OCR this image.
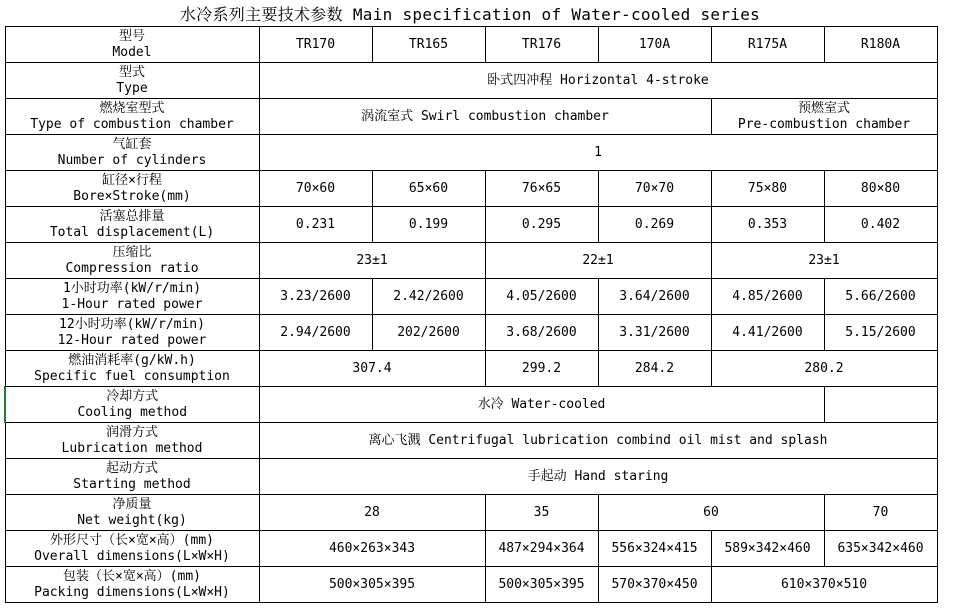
水冷系列主要技术参数 Main specification of Water-cooled series
型号
Model	TR170	TR165	TR176	170A	R175A	R180A

型式
Type	卧式四冲程 Horizontal 4-stroke					

燃烧室型式
Type of combustion chamber	涡流室式 Swirl combustion chamber				预燃室式
Pre-combustion chamber	

气缸套
Number of cylinders	1					

缸径×行程
Bore×Stroke(mm)	70×60	65×60	76×65	70×70	75×80	80×80

活塞总排量
Total displacement(L)	0.231	0.199	0.295	0.269	0.353	0.402

压缩比
Compression ratio	23±1		22±1		23±1	

1小时功率(kW/r/min)
1-Hour rated power	3.23/2600	2.42/2600	4.05/2600	3.64/2600	4.85/2600	5.66/2600

12小时功率(kW/r/min)
12-Hour rated power	2.94/2600	202/2600	3.68/2600	3.31/2600	4.41/2600	5.15/2600

燃油消耗率(g/kW.h)
Specific fuel consumption	307.4		299.2	284.2	280.2	

冷却方式
Cooling method	水冷 Water-cooled					

润滑方式
Lubrication method	离心飞溅 Centrifugal lubrication combind oil mist and splash					

起动方式
Starting method	手起动 Hand staring					

净质量
Net weight(kg)	28		35	60		70

外形尺寸（长×宽×高）(mm)
Overall dimensions(L×W×H)	460×263×343		487×294×364	556×324×415	589×342×460	635×342×460

包装（长×宽×高）(mm)
Packing dimensions(L×W×H)	500×305×395		500×305×395	570×370×450	610×370×510	
